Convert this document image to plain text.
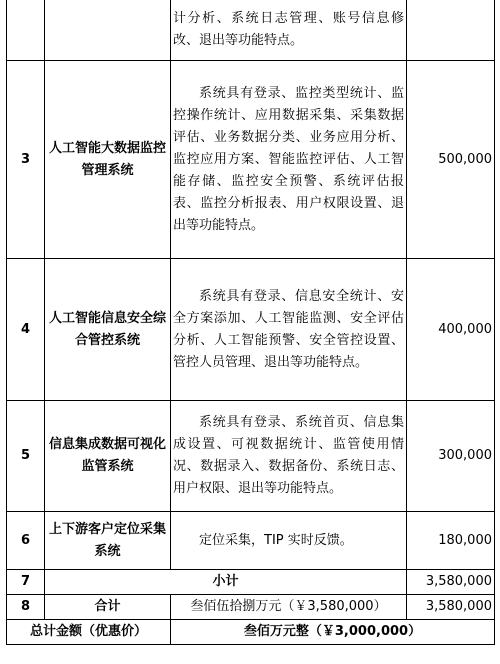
		计分析、系统日志管理、账号信息修改、退出等功能特点。	
3	人工智能大数据监控管理系统	系统具有登录、监控类型统计、监控操作统计、应用数据采集、采集数据评估、业务数据分类、业务应用分析、监控应用方案、智能监控评估、人工智能存储、监控安全预警、系统评估报表、监控分析报表、用户权限设置、退出等功能特点。	500,000
4	人工智能信息安全综合管控系统	系统具有登录、信息安全统计、安全方案添加、人工智能监测、安全评估分析、人工智能预警、安全管控设置、管控人员管理、退出等功能特点。	400,000
5	信息集成数据可视化监管系统	系统具有登录、系统首页、信息集成设置、可视数据统计、监管使用情况、数据录入、数据备份、系统日志、用户权限、退出等功能特点。	300,000
6	上下游客户定位采集系统	定位采集，TIP 实时反馈。	180,000
7	小计		3,580,000
8	合计	叁佰伍拾捌万元（￥3,580,000）	3,580,000
总计金额（优惠价）		叁佰万元整（￥3,000,000）	
